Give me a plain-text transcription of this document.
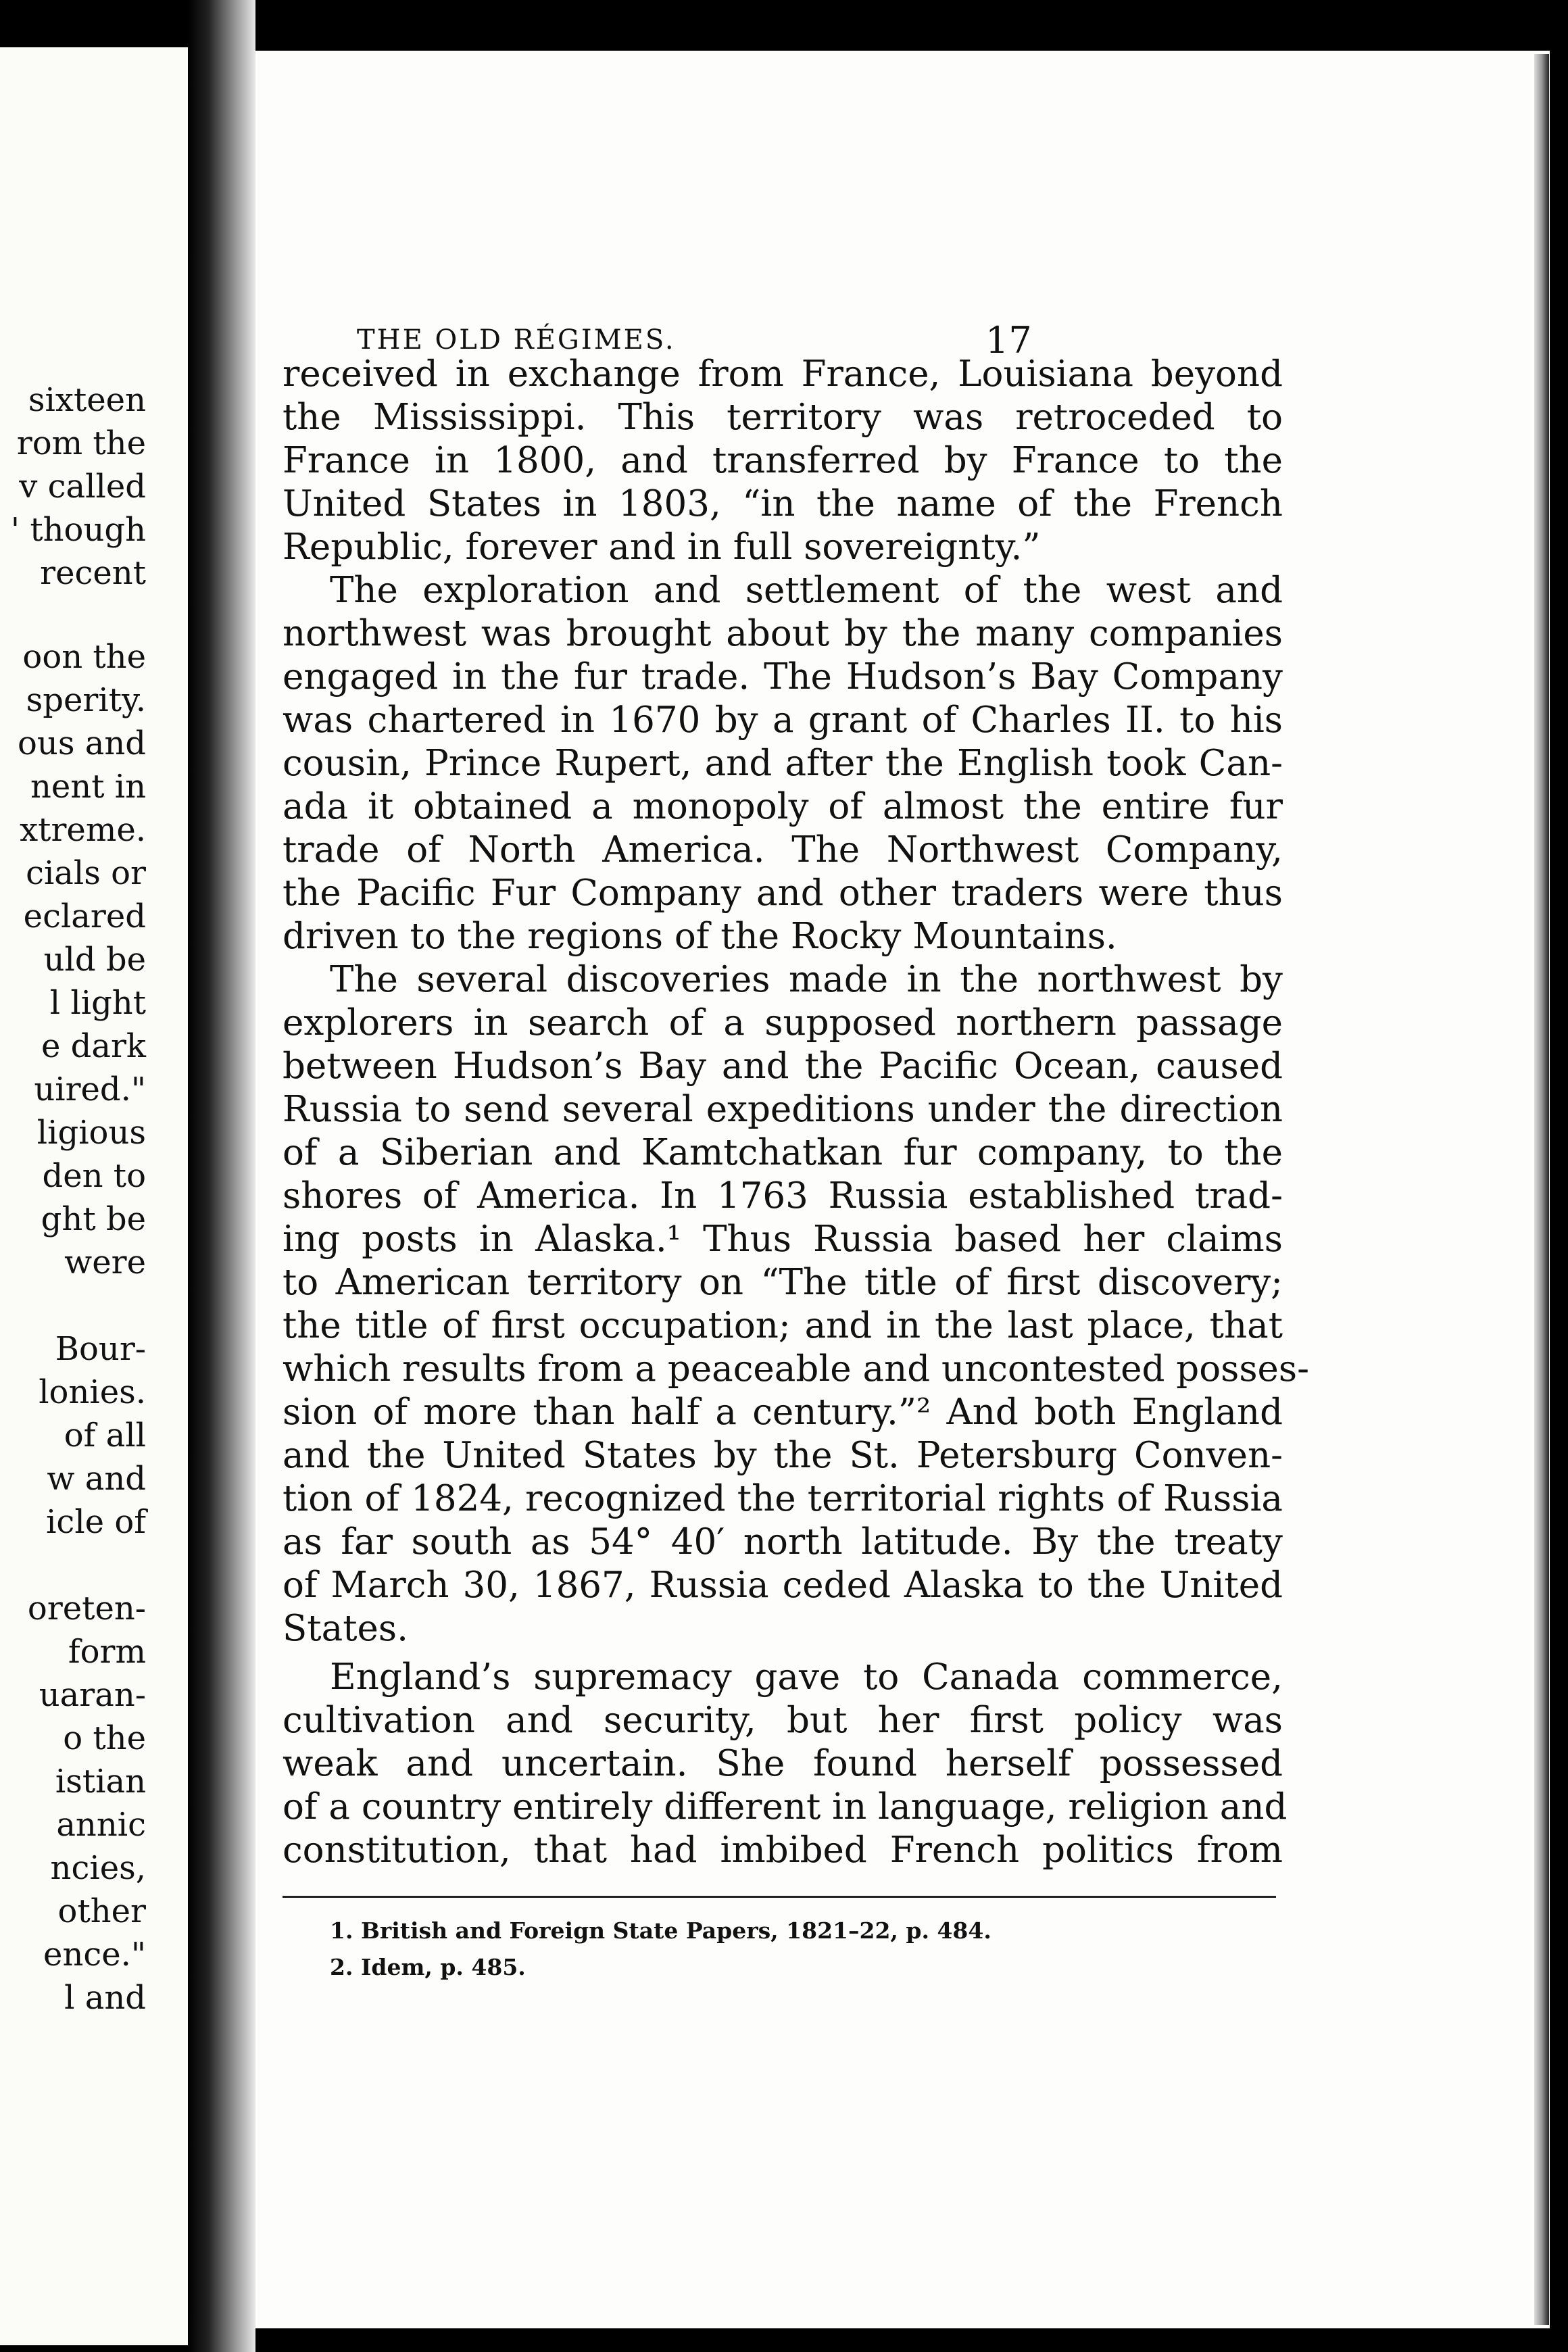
sixteen
rom the
v called
' though
recent
oon the
sperity.
ous and
nent in
xtreme.
cials or
eclared
uld be
l light
e dark
uired."
ligious
den to
ght be
were
Bour-
lonies.
of all
w and
icle of
oreten-
form
uaran-
o the
istian
annic
ncies,
other
ence."
l and
THE OLD RÉGIMES.	17
received in exchange from France, Louisiana beyond
the Mississippi. This territory was retroceded to
France in 1800, and transferred by France to the
United States in 1803, “in the name of the French
Republic, forever and in full sovereignty.”
The exploration and settlement of the west and
northwest was brought about by the many companies
engaged in the fur trade. The Hudson’s Bay Company
was chartered in 1670 by a grant of Charles II. to his
cousin, Prince Rupert, and after the English took Can-
ada it obtained a monopoly of almost the entire fur
trade of North America. The Northwest Company,
the Pacific Fur Company and other traders were thus
driven to the regions of the Rocky Mountains.
The several discoveries made in the northwest by
explorers in search of a supposed northern passage
between Hudson’s Bay and the Pacific Ocean, caused
Russia to send several expeditions under the direction
of a Siberian and Kamtchatkan fur company, to the
shores of America. In 1763 Russia established trad-
ing posts in Alaska.¹ Thus Russia based her claims
to American territory on “The title of first discovery;
the title of first occupation; and in the last place, that
which results from a peaceable and uncontested posses-
sion of more than half a century.”² And both England
and the United States by the St. Petersburg Conven-
tion of 1824, recognized the territorial rights of Russia
as far south as 54° 40′ north latitude. By the treaty
of March 30, 1867, Russia ceded Alaska to the United
States.
England’s supremacy gave to Canada commerce,
cultivation and security, but her first policy was
weak and uncertain. She found herself possessed
of a country entirely different in language, religion and
constitution, that had imbibed French politics from
1. British and Foreign State Papers, 1821–22, p. 484.
2. Idem, p. 485.
